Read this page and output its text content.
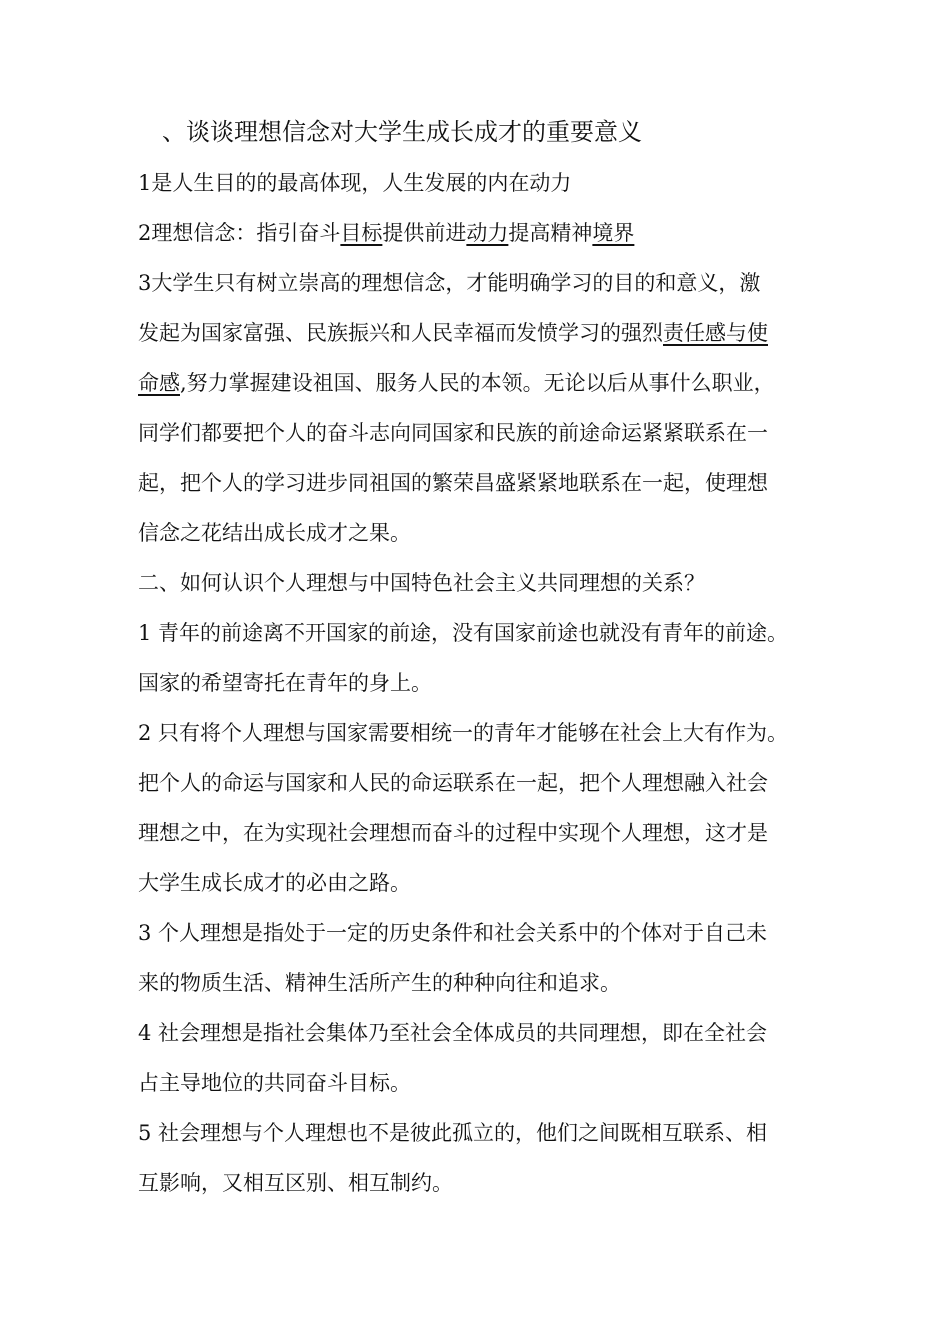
、谈谈理想信念对大学生成长成才的重要意义
1是人生目的的最高体现，人生发展的内在动力
2理想信念：指引奋斗目标提供前进动力提高精神境界
3大学生只有树立崇高的理想信念，才能明确学习的目的和意义，激
发起为国家富强、民族振兴和人民幸福而发愤学习的强烈责任感与使
命感,努力掌握建设祖国、服务人民的本领。无论以后从事什么职业，
同学们都要把个人的奋斗志向同国家和民族的前途命运紧紧联系在一
起，把个人的学习进步同祖国的繁荣昌盛紧紧地联系在一起，使理想
信念之花结出成长成才之果。
二、如何认识个人理想与中国特色社会主义共同理想的关系？
1 青年的前途离不开国家的前途，没有国家前途也就没有青年的前途。
国家的希望寄托在青年的身上。
2 只有将个人理想与国家需要相统一的青年才能够在社会上大有作为。
把个人的命运与国家和人民的命运联系在一起，把个人理想融入社会
理想之中，在为实现社会理想而奋斗的过程中实现个人理想，这才是
大学生成长成才的必由之路。
3 个人理想是指处于一定的历史条件和社会关系中的个体对于自己未
来的物质生活、精神生活所产生的种种向往和追求。
4 社会理想是指社会集体乃至社会全体成员的共同理想，即在全社会
占主导地位的共同奋斗目标。
5 社会理想与个人理想也不是彼此孤立的，他们之间既相互联系、相
互影响，又相互区别、相互制约。
